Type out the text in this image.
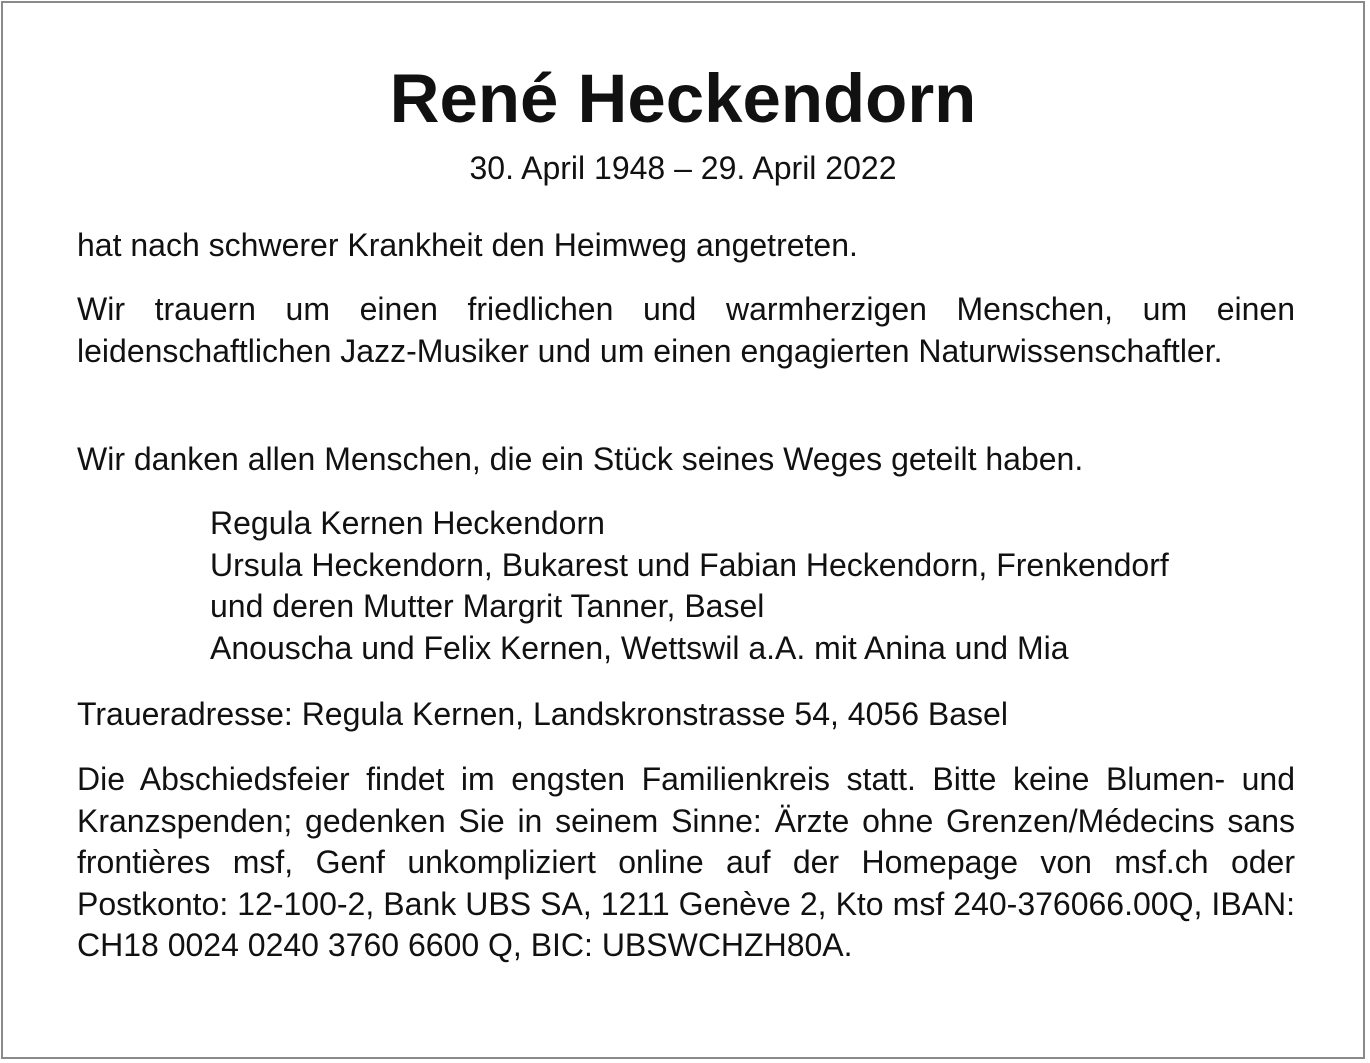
René Heckendorn

30. April 1948 – 29. April 2022

hat nach schwerer Krankheit den Heimweg angetreten.

Wir trauern um einen friedlichen und warmherzigen Menschen, um einen leidenschaftlichen Jazz-Musiker und um einen engagierten Naturwissenschaftler.

Wir danken allen Menschen, die ein Stück seines Weges geteilt haben.

Regula Kernen Heckendorn
Ursula Heckendorn, Bukarest und Fabian Heckendorn, Frenkendorf
und deren Mutter Margrit Tanner, Basel
Anouscha und Felix Kernen, Wettswil a.A. mit Anina und Mia

Traueradresse: Regula Kernen, Landskronstrasse 54, 4056 Basel

Die Abschiedsfeier findet im engsten Familienkreis statt. Bitte keine Blumen- und Kranzspenden; gedenken Sie in seinem Sinne: Ärzte ohne Grenzen/Médecins sans frontières msf, Genf unkompliziert online auf der Homepage von msf.ch oder Postkonto: 12-100-2, Bank UBS SA, 1211 Genève 2, Kto msf 240-376066.00Q, IBAN: CH18 0024 0240 3760 6600 Q, BIC: UBSWCHZH80A.
